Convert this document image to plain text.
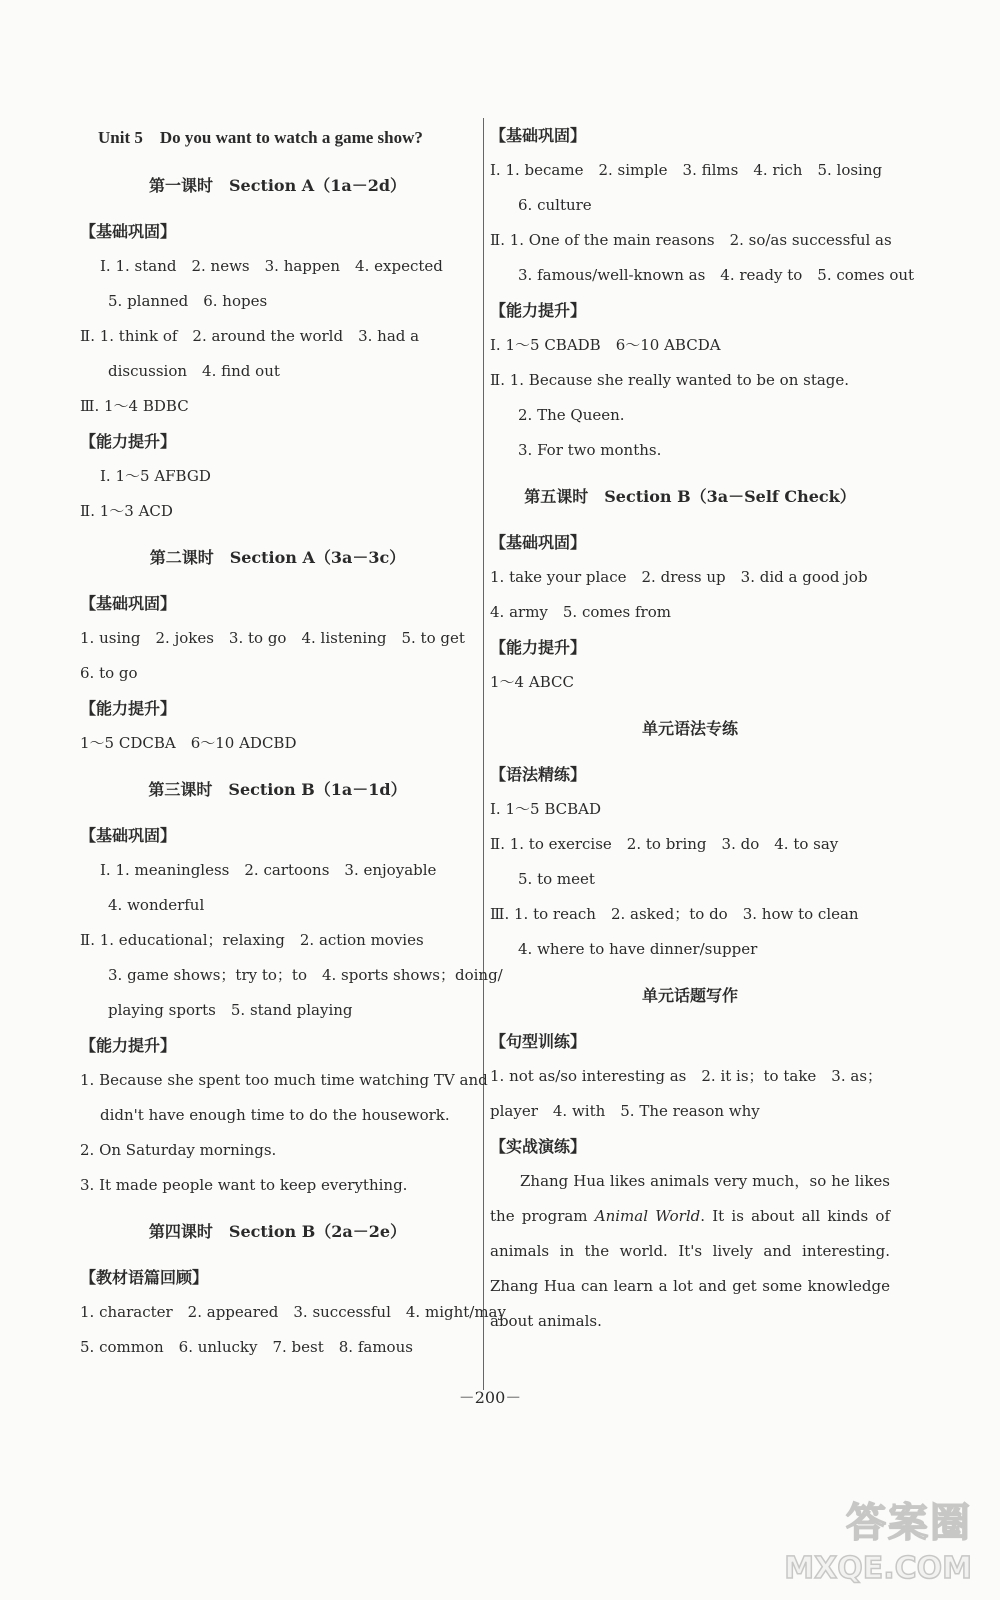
Unit 5　Do you want to watch a game show?
第一课时　Section A（1a－2d）
【基础巩固】
Ⅰ. 1. stand　2. news　3. happen　4. expected
5. planned　6. hopes
Ⅱ. 1. think of　2. around the world　3. had a
discussion　4. find out
Ⅲ. 1～4 BDBC
【能力提升】
Ⅰ. 1～5 AFBGD
Ⅱ. 1～3 ACD
第二课时　Section A（3a－3c）
【基础巩固】
1. using　2. jokes　3. to go　4. listening　5. to get
6. to go
【能力提升】
1～5 CDCBA　6～10 ADCBD
第三课时　Section B（1a－1d）
【基础巩固】
Ⅰ. 1. meaningless　2. cartoons　3. enjoyable
4. wonderful
Ⅱ. 1. educational；relaxing　2. action movies
3. game shows；try to；to　4. sports shows；doing/
playing sports　5. stand playing
【能力提升】
1. Because she spent too much time watching TV and
didn't have enough time to do the housework.
2. On Saturday mornings.
3. It made people want to keep everything.
第四课时　Section B（2a－2e）
【教材语篇回顾】
1. character　2. appeared　3. successful　4. might/may
5. common　6. unlucky　7. best　8. famous
【基础巩固】
Ⅰ. 1. became　2. simple　3. films　4. rich　5. losing
6. culture
Ⅱ. 1. One of the main reasons　2. so/as successful as
3. famous/well-known as　4. ready to　5. comes out
【能力提升】
Ⅰ. 1～5 CBADB　6～10 ABCDA
Ⅱ. 1. Because she really wanted to be on stage.
2. The Queen.
3. For two months.
第五课时　Section B（3a－Self Check）
【基础巩固】
1. take your place　2. dress up　3. did a good job
4. army　5. comes from
【能力提升】
1～4 ABCC
单元语法专练
【语法精练】
Ⅰ. 1～5 BCBAD
Ⅱ. 1. to exercise　2. to bring　3. do　4. to say
5. to meet
Ⅲ. 1. to reach　2. asked；to do　3. how to clean
4. where to have dinner/supper
单元话题写作
【句型训练】
1. not as/so interesting as　2. it is；to take　3. as；
player　4. with　5. The reason why
【实战演练】
Zhang Hua likes animals very much，so he likes the program Animal World. It is about all kinds of animals in the world. It's lively and interesting. Zhang Hua can learn a lot and get some knowledge about animals.
－200－
答案圈
MXQE.COM
